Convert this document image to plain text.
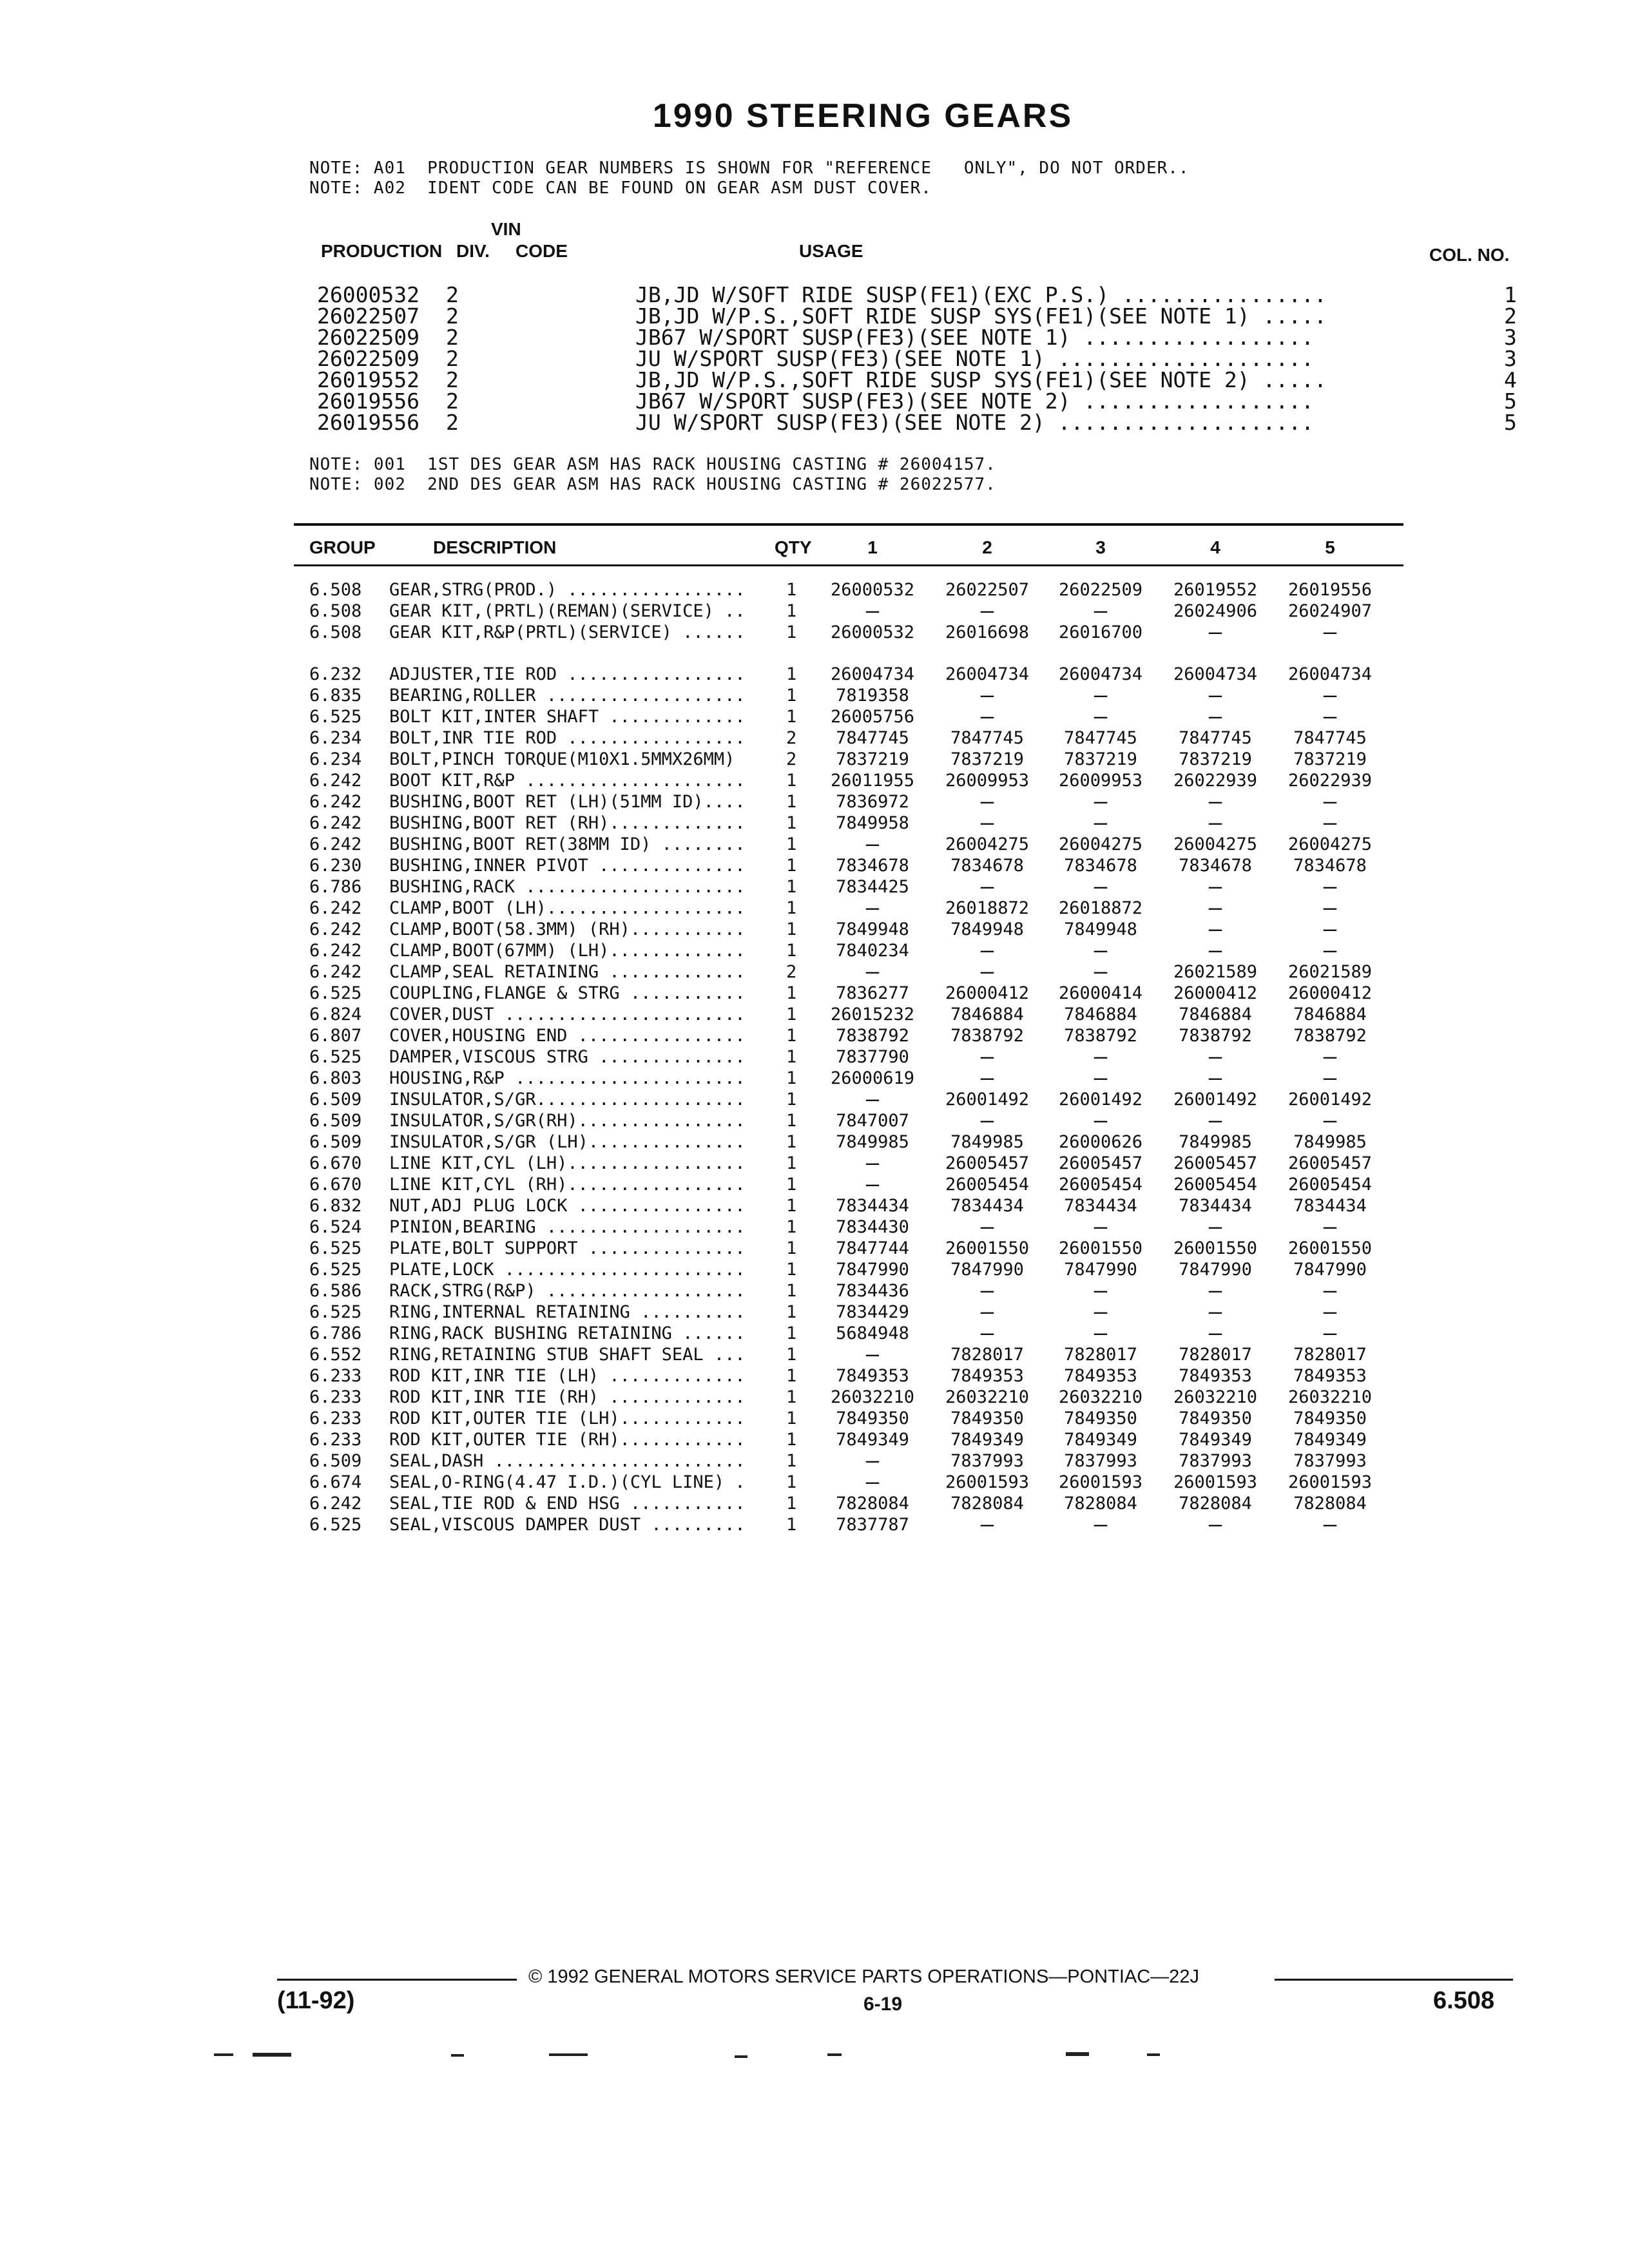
1990 STEERING GEARS
NOTE: A01  PRODUCTION GEAR NUMBERS IS SHOWN FOR "REFERENCE   ONLY", DO NOT ORDER..
NOTE: A02  IDENT CODE CAN BE FOUND ON GEAR ASM DUST COVER.
VIN
PRODUCTION DIV. CODE	USAGE	COL. NO.
26000532 2	JB,JD W/SOFT RIDE SUSP(FE1)(EXC P.S.) ................	1
26022507 2	JB,JD W/P.S.,SOFT RIDE SUSP SYS(FE1)(SEE NOTE 1) .....	2
26022509 2	JB67 W/SPORT SUSP(FE3)(SEE NOTE 1) ..................	3
26022509 2	JU W/SPORT SUSP(FE3)(SEE NOTE 1) ....................	3
26019552 2	JB,JD W/P.S.,SOFT RIDE SUSP SYS(FE1)(SEE NOTE 2) .....	4
26019556 2	JB67 W/SPORT SUSP(FE3)(SEE NOTE 2) ..................	5
26019556 2	JU W/SPORT SUSP(FE3)(SEE NOTE 2) ....................	5
NOTE: 001  1ST DES GEAR ASM HAS RACK HOUSING CASTING # 26004157.
NOTE: 002  2ND DES GEAR ASM HAS RACK HOUSING CASTING # 26022577.
GROUP	DESCRIPTION	QTY	1	2	3	4	5
6.508 GEAR,STRG(PROD.) ................. 1	26000532	26022507	26022509	26019552	26019556
6.508 GEAR KIT,(PRTL)(REMAN)(SERVICE) .. 1	—	—	—	26024906	26024907
6.508 GEAR KIT,R&P(PRTL)(SERVICE) ...... 1	26000532	26016698	26016700	—	—
6.232 ADJUSTER,TIE ROD ................. 1	26004734	26004734	26004734	26004734	26004734
6.835 BEARING,ROLLER ................... 1	7819358	—	—	—	—
6.525 BOLT KIT,INTER SHAFT ............. 1	26005756	—	—	—	—
6.234 BOLT,INR TIE ROD ................. 2	7847745	7847745	7847745	7847745	7847745
6.234 BOLT,PINCH TORQUE(M10X1.5MMX26MM)	2	7837219	7837219	7837219	7837219	7837219
6.242 BOOT KIT,R&P ..................... 1	26011955	26009953	26009953	26022939	26022939
6.242 BUSHING,BOOT RET (LH)(51MM ID).... 1	7836972	—	—	—	—
6.242 BUSHING,BOOT RET (RH)............. 1	7849958	—	—	—	—
6.242 BUSHING,BOOT RET(38MM ID) ........ 1	—	26004275	26004275	26004275	26004275
6.230 BUSHING,INNER PIVOT .............. 1	7834678	7834678	7834678	7834678	7834678
6.786 BUSHING,RACK ..................... 1	7834425	—	—	—	—
6.242 CLAMP,BOOT (LH)................... 1	—	26018872	26018872	—	—
6.242 CLAMP,BOOT(58.3MM) (RH)........... 1	7849948	7849948	7849948	—	—
6.242 CLAMP,BOOT(67MM) (LH)............. 1	7840234	—	—	—	—
6.242 CLAMP,SEAL RETAINING ............. 2	—	—	—	26021589	26021589
6.525 COUPLING,FLANGE & STRG ........... 1	7836277	26000412	26000414	26000412	26000412
6.824 COVER,DUST ....................... 1	26015232	7846884	7846884	7846884	7846884
6.807 COVER,HOUSING END ................ 1	7838792	7838792	7838792	7838792	7838792
6.525 DAMPER,VISCOUS STRG .............. 1	7837790	—	—	—	—
6.803 HOUSING,R&P ...................... 1	26000619	—	—	—	—
6.509 INSULATOR,S/GR.................... 1	—	26001492	26001492	26001492	26001492
6.509 INSULATOR,S/GR(RH)................ 1	7847007	—	—	—	—
6.509 INSULATOR,S/GR (LH)............... 1	7849985	7849985	26000626	7849985	7849985
6.670 LINE KIT,CYL (LH)................. 1	—	26005457	26005457	26005457	26005457
6.670 LINE KIT,CYL (RH)................. 1	—	26005454	26005454	26005454	26005454
6.832 NUT,ADJ PLUG LOCK ................ 1	7834434	7834434	7834434	7834434	7834434
6.524 PINION,BEARING ................... 1	7834430	—	—	—	—
6.525 PLATE,BOLT SUPPORT ............... 1	7847744	26001550	26001550	26001550	26001550
6.525 PLATE,LOCK ....................... 1	7847990	7847990	7847990	7847990	7847990
6.586 RACK,STRG(R&P) ................... 1	7834436	—	—	—	—
6.525 RING,INTERNAL RETAINING .......... 1	7834429	—	—	—	—
6.786 RING,RACK BUSHING RETAINING ...... 1	5684948	—	—	—	—
6.552 RING,RETAINING STUB SHAFT SEAL ... 1	—	7828017	7828017	7828017	7828017
6.233 ROD KIT,INR TIE (LH) ............. 1	7849353	7849353	7849353	7849353	7849353
6.233 ROD KIT,INR TIE (RH) ............. 1	26032210	26032210	26032210	26032210	26032210
6.233 ROD KIT,OUTER TIE (LH)............ 1	7849350	7849350	7849350	7849350	7849350
6.233 ROD KIT,OUTER TIE (RH)............ 1	7849349	7849349	7849349	7849349	7849349
6.509 SEAL,DASH ........................ 1	—	7837993	7837993	7837993	7837993
6.674 SEAL,O-RING(4.47 I.D.)(CYL LINE) . 1	—	26001593	26001593	26001593	26001593
6.242 SEAL,TIE ROD & END HSG ........... 1	7828084	7828084	7828084	7828084	7828084
6.525 SEAL,VISCOUS DAMPER DUST ......... 1	7837787	—	—	—	—
© 1992 GENERAL MOTORS SERVICE PARTS OPERATIONS—PONTIAC—22J
(11-92)	6-19	6.508
